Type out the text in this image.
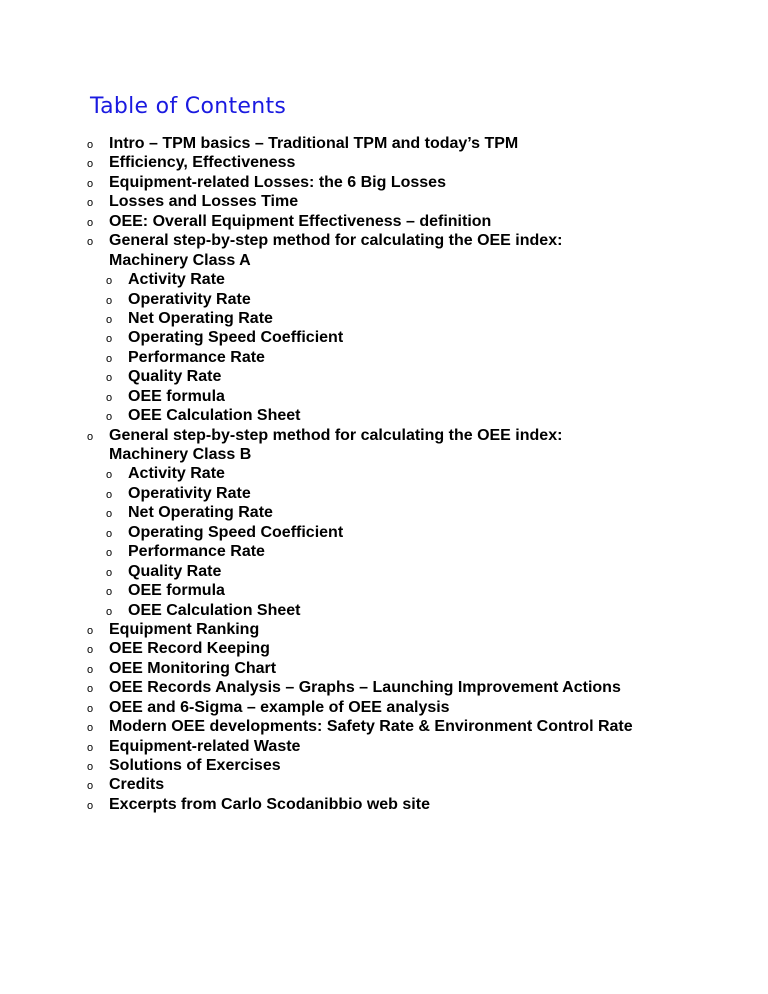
Table of Contents
o Intro – TPM basics – Traditional TPM and today’s TPM
o Efficiency, Effectiveness
o Equipment-related Losses: the 6 Big Losses
o Losses and Losses Time
o OEE: Overall Equipment Effectiveness – definition
o General step-by-step method for calculating the OEE index:
Machinery Class A
o Activity Rate
o Operativity Rate
o Net Operating Rate
o Operating Speed Coefficient
o Performance Rate
o Quality Rate
o OEE formula
o OEE Calculation Sheet
o General step-by-step method for calculating the OEE index:
Machinery Class B
o Activity Rate
o Operativity Rate
o Net Operating Rate
o Operating Speed Coefficient
o Performance Rate
o Quality Rate
o OEE formula
o OEE Calculation Sheet
o Equipment Ranking
o OEE Record Keeping
o OEE Monitoring Chart
o OEE Records Analysis – Graphs – Launching Improvement Actions
o OEE and 6-Sigma – example of OEE analysis
o Modern OEE developments: Safety Rate & Environment Control Rate
o Equipment-related Waste
o Solutions of Exercises
o Credits
o Excerpts from Carlo Scodanibbio web site
